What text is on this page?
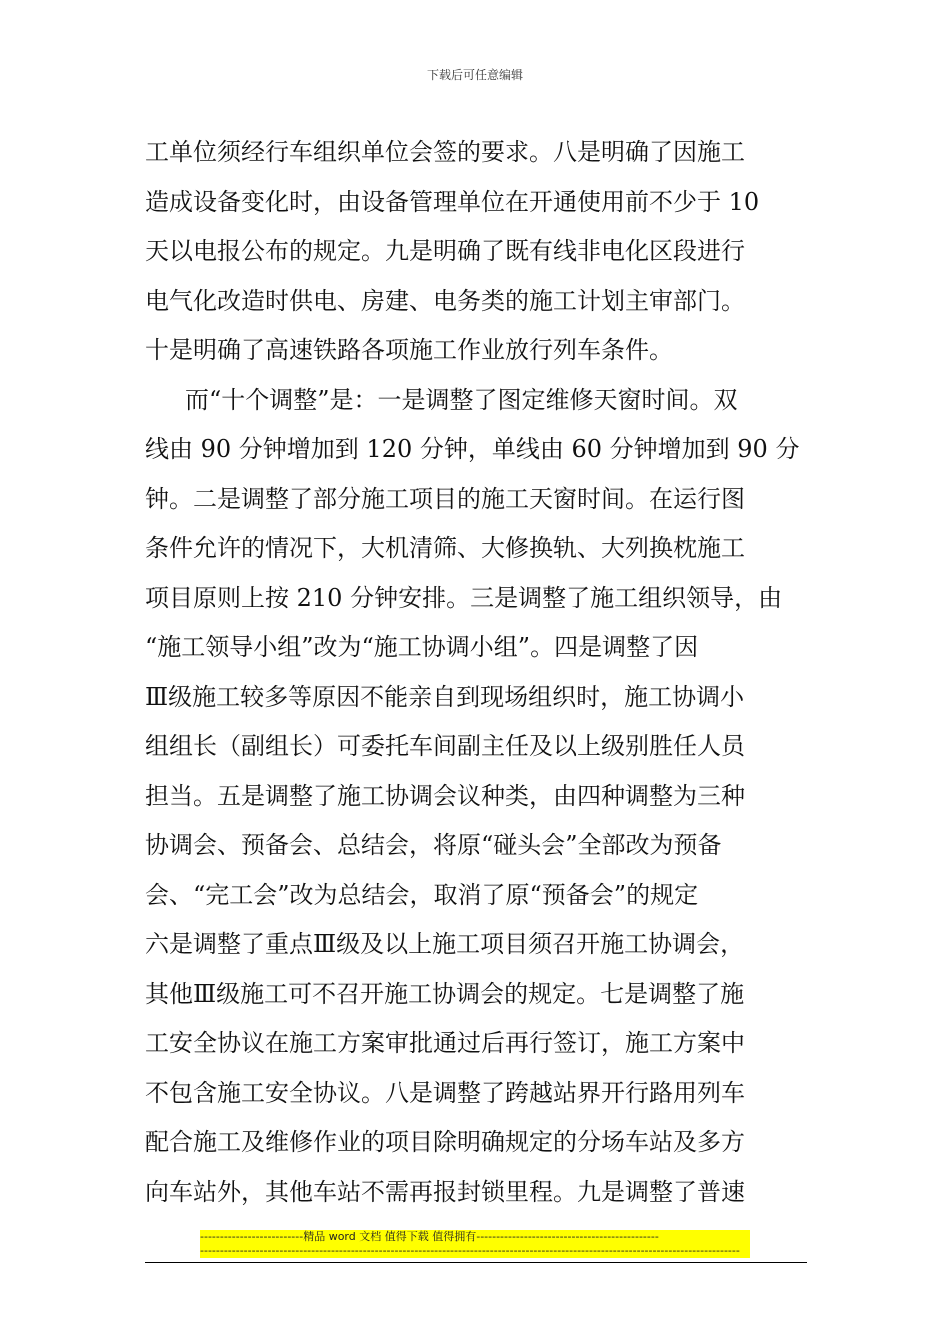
下载后可任意编辑
工单位须经行车组织单位会签的要求。八是明确了因施工
造成设备变化时，由设备管理单位在开通使用前不少于 10
天以电报公布的规定。九是明确了既有线非电化区段进行
电气化改造时供电、房建、电务类的施工计划主审部门。
十是明确了高速铁路各项施工作业放行列车条件。
而“十个调整”是：一是调整了图定维修天窗时间。双
线由 90 分钟增加到 120 分钟，单线由 60 分钟增加到 90 分
钟。二是调整了部分施工项目的施工天窗时间。在运行图
条件允许的情况下，大机清筛、大修换轨、大列换枕施工
项目原则上按 210 分钟安排。三是调整了施工组织领导，由
“施工领导小组”改为“施工协调小组”。四是调整了因
Ⅲ级施工较多等原因不能亲自到现场组织时，施工协调小
组组长（副组长）可委托车间副主任及以上级别胜任人员
担当。五是调整了施工协调会议种类，由四种调整为三种
协调会、预备会、总结会，将原“碰头会”全部改为预备
会、“完工会”改为总结会，取消了原“预备会”的规定
六是调整了重点Ⅲ级及以上施工项目须召开施工协调会，
其他Ⅲ级施工可不召开施工协调会的规定。七是调整了施
工安全协议在施工方案审批通过后再行签订，施工方案中
不包含施工安全协议。八是调整了跨越站界开行路用列车
配合施工及维修作业的项目除明确规定的分场车站及多方
向车站外，其他车站不需再报封锁里程。九是调整了普速
--------------------------精品 word 文档 值得下载 值得拥有----------------------------------------------
----------------------------------------------------------------------------------------------------------------------------------------
